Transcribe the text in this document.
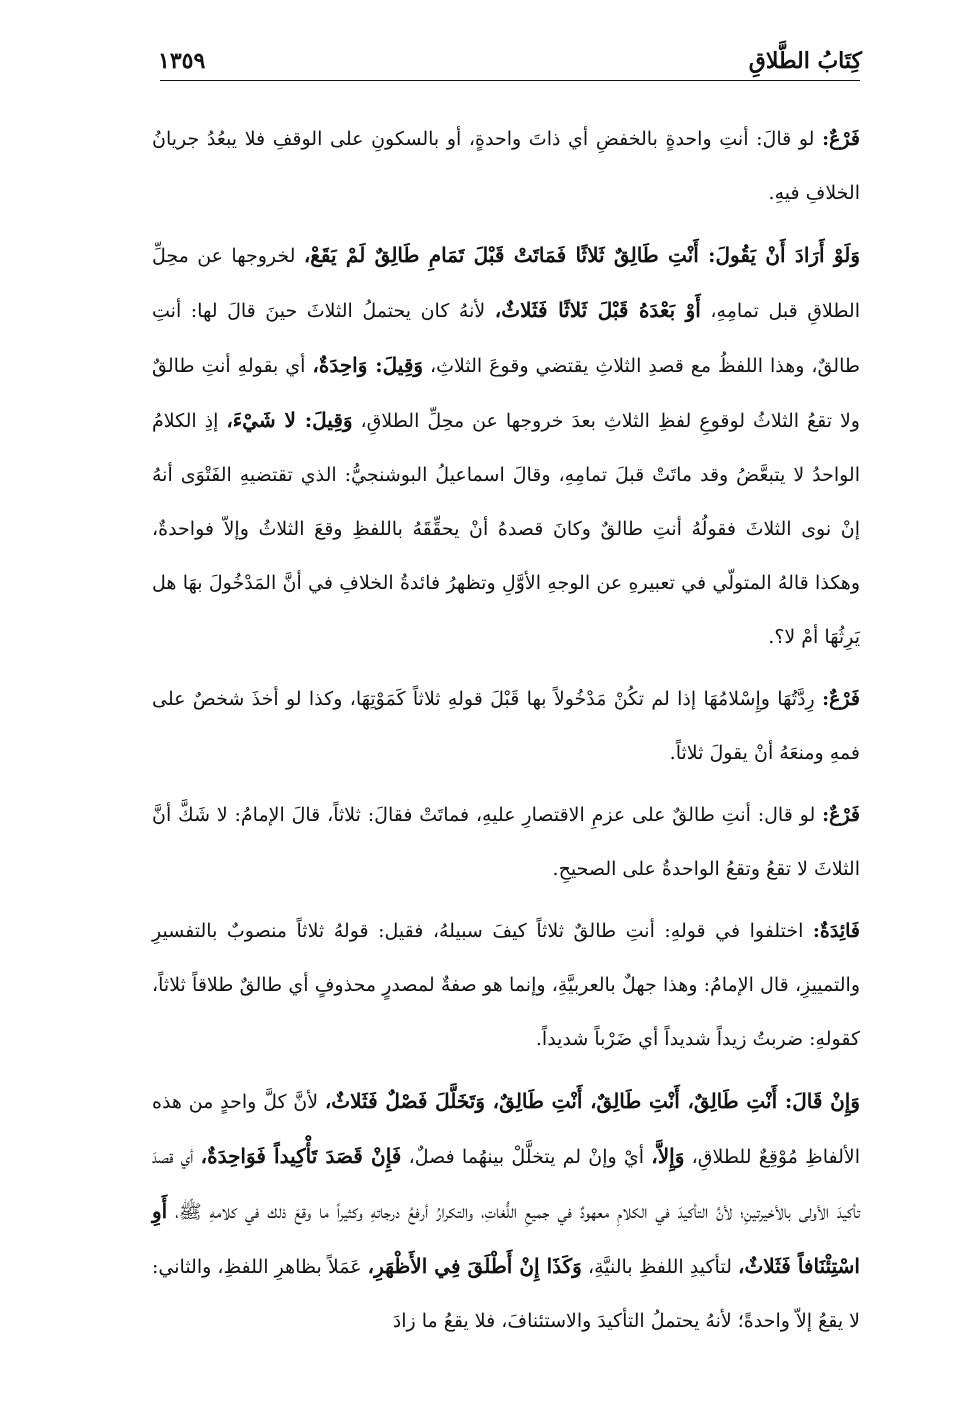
كِتَابُ الطَّلاقِ
١٣٥٩

فَرْعٌ: لو قالَ: أنتِ واحدةٍ بالخفضِ أي ذاتَ واحدةٍ، أو بالسكونِ على الوقفِ فلا يبعُدُ جريانُ الخلافِ فيهِ.

وَلَوْ أَرَادَ أَنْ يَقُولَ: أَنْتِ طَالِقٌ ثَلاثًا فَمَاتَتْ قَبْلَ تَمَامِ طَالِقٌ لَمْ يَقَعْ، لخروجها عن محِلِّ الطلاقِ قبل تمامِهِ، أَوْ بَعْدَهُ قَبْلَ ثَلاثًا فَثَلاثٌ، لأنهُ كان يحتملُ الثلاثَ حينَ قالَ لها: أنتِ طالقٌ، وهذا اللفظُ مع قصدِ الثلاثِ يقتضي وقوعَ الثلاثِ، وَقِيلَ: وَاحِدَةٌ، أي بقولهِ أنتِ طالقٌ ولا تقعُ الثلاثُ لوقوعِ لفظِ الثلاثِ بعدَ خروجها عن محِلِّ الطلاقِ، وَقِيلَ: لا شَيْءَ، إذِ الكلامُ الواحدُ لا يتبعَّضُ وقد ماتَتْ قبلَ تمامِهِ، وقالَ اسماعيلُ البوشنجيُّ: الذي تقتضيهِ الفَتْوَى أنهُ إنْ نوى الثلاثَ فقولُهُ أنتِ طالقٌ وكانَ قصدهُ أنْ يحقِّقَهُ باللفظِ وقعَ الثلاثُ وإلاّ فواحدةٌ، وهكذا قالهُ المتولّي في تعبيرهِ عن الوجهِ الأوَّلِ وتظهرُ فائدةُ الخلافِ في أنَّ المَدْخُولَ بهَا هل يَرِثُهَا أمْ لا؟.

فَرْعٌ: رِدَّتُهَا وإِسْلامُهَا إذا لم تكُنْ مَدْخُولاً بها قَبْلَ قولهِ ثلاثاً كَمَوْتِهَا، وكذا لو أخذَ شخصٌ على فمهِ ومنعَهُ أنْ يقولَ ثلاثاً.

فَرْعٌ: لو قال: أنتِ طالقٌ على عزمِ الاقتصارِ عليهِ، فماتَتْ فقالَ: ثلاثاً، قالَ الإمامُ: لا شَكَّ أنَّ الثلاثَ لا تقعُ وتقعُ الواحدةُ على الصحيحِ.

فَائِدَةٌ: اختلفوا في قولهِ: أنتِ طالقٌ ثلاثاً كيفَ سبيلهُ، فقيل: قولهُ ثلاثاً منصوبٌ بالتفسيرِ والتمييزِ، قال الإمامُ: وهذا جهلٌ بالعربيَّةِ، وإنما هو صفةٌ لمصدرٍ محذوفٍ أي طالقٌ طلاقاً ثلاثاً، كقولهِ: ضربتُ زيداً شديداً أي ضَرْباً شديداً.

وَإِنْ قَالَ: أَنْتِ طَالِقٌ، أَنْتِ طَالِقٌ، أَنْتِ طَالِقٌ، وَتَخَلَّلَ فَصْلٌ فَثَلاثٌ، لأنَّ كلَّ واحدٍ من هذه الألفاظِ مُوْقِعٌ للطلاقِ، وَإِلاَّ، أيْ وإنْ لم يتخلَّلْ بينهُما فصلٌ، فَإِنْ قَصَدَ تَأْكِيداً فَوَاحِدَةٌ، أي قصدَ تأكيدَ الأولى بالأخيرتينِ؛ لأنَّ التأكيدَ في الكلامِ معهودٌ في جميعِ اللُّغاتِ، والتكرارُ أرفعُ درجاتهِ وكثيراً ما وقعَ ذلك في كلامهِ ﷺ، أَوِ اسْتِئْنَافاً فَثَلاثٌ، لتأكيدِ اللفظِ بالنيَّةِ، وَكَذَا إِنْ أَطْلَقَ فِي الأَظْهَرِ، عَمَلاً بظاهرِ اللفظِ، والثاني: لا يقعُ إلاّ واحدةً؛ لأنهُ يحتملُ التأكيدَ والاستئنافَ، فلا يقعُ ما زادَ
